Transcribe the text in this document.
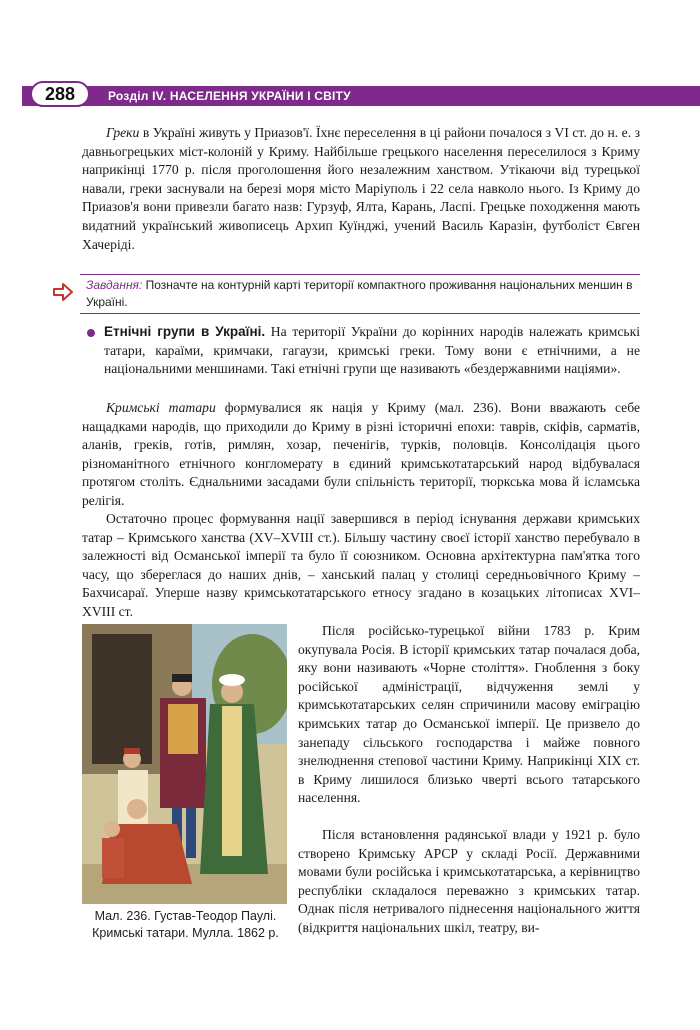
288	Розділ IV. НАСЕЛЕННЯ УКРАЇНИ І СВІТУ
Греки в Україні живуть у Приазов'ї. Їхнє переселення в ці райони почалося з VI ст. до н. е. з давньогрецьких міст-колоній у Криму. Найбільше грецького населення переселилося з Криму наприкінці 1770 р. після проголошення його незалежним ханством. Утікаючи від турецької навали, греки заснували на березі моря місто Маріуполь і 22 села навколо нього. Із Криму до Приазов'я вони привезли багато назв: Гурзуф, Ялта, Карань, Ласпі. Грецьке походження мають видатний український живописець Архип Куїнджі, учений Василь Каразін, футболіст Євген Хачеріді.
Завдання: Позначте на контурній карті території компактного проживання національних меншин в Україні.
Етнічні групи в Україні. На території України до корінних народів належать кримські татари, караїми, кримчаки, гагаузи, кримські греки. Тому вони є етнічними, а не національними меншинами. Такі етнічні групи ще називають «бездержавними націями».
Кримські татари формувалися як нація у Криму (мал. 236). Вони вважають себе нащадками народів, що приходили до Криму в різні історичні епохи: таврів, скіфів, сарматів, аланів, греків, готів, римлян, хозар, печенігів, турків, половців. Консолідація цього різноманітного етнічного конгломерату в єдиний кримськотатарський народ відбувалася протягом століть. Єднальними засадами були спільність території, тюркська мова й ісламська релігія.
Остаточно процес формування нації завершився в період існування держави кримських татар – Кримського ханства (XV–XVIII ст.). Більшу частину своєї історії ханство перебувало в залежності від Османської імперії та було її союзником. Основна архітектурна пам'ятка того часу, що збереглася до наших днів, – ханський палац у столиці середньовічного Криму – Бахчисараї. Уперше назву кримськотатарського етносу згадано в козацьких літописах XVI–XVIII ст.
Мал. 236. Густав-Теодор Паулі.
Кримські татари. Мулла. 1862 р.
Після російсько-турецької війни 1783 р. Крим окупувала Росія. В історії кримських татар почалася доба, яку вони називають «Чорне століття». Гноблення з боку російської адміністрації, відчуження землі у кримськотатарських селян спричинили масову еміграцію кримських татар до Османської імперії. Це призвело до занепаду сільського господарства і майже повного знелюднення степової частини Криму. Наприкінці XIX ст. в Криму лишилося близько чверті всього татарського населення.
Після встановлення радянської влади у 1921 р. було створено Кримську АРСР у складі Росії. Державними мовами були російська і кримськотатарська, а керівництво республіки складалося переважно з кримських татар. Однак після нетривалого піднесення національного життя (відкриття національних шкіл, театру, ви-
